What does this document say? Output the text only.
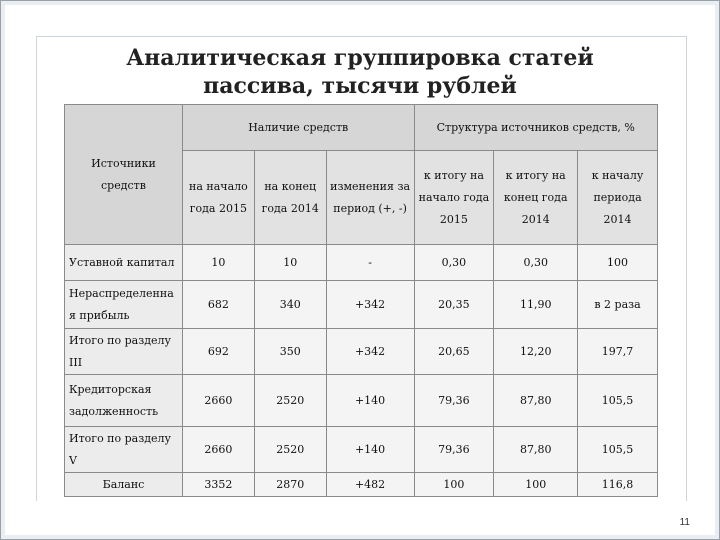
Аналитическая группировка статей
пассива, тысячи рублей
Источники средств	Наличие средств			Структура источников средств, %		
	на начало года 2015	на конец года 2014	изменения за период (+, -)	к итогу на начало года 2015	к итогу на конец года 2014	к началу периода 2014
Уставной капитал	10	10	-	0,30	0,30	100
Нераспределенна я прибыль	682	340	+342	20,35	11,90	в 2 раза
Итого по разделу III	692	350	+342	20,65	12,20	197,7
Кредиторская задолженность	2660	2520	+140	79,36	87,80	105,5
Итого по разделу V	2660	2520	+140	79,36	87,80	105,5
Баланс	3352	2870	+482	100	100	116,8
11
